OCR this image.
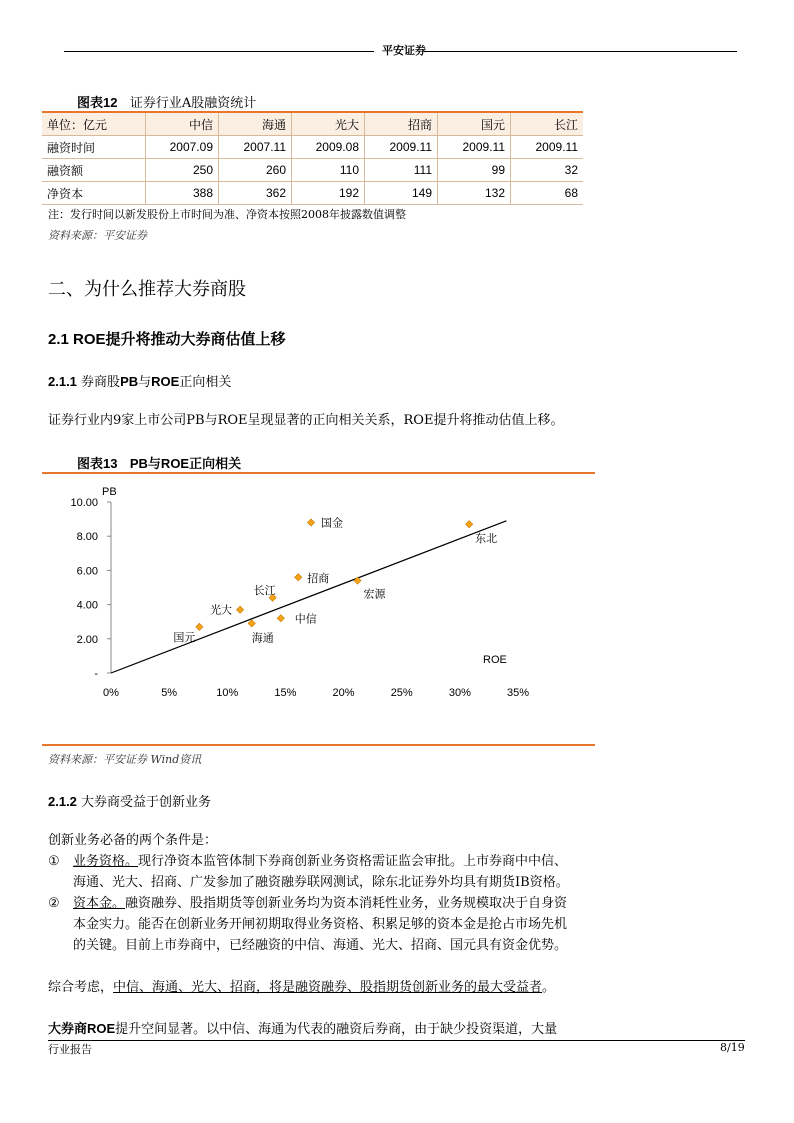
平安证券
图表12 证券行业A股融资统计
单位：亿元	中信	海通	光大	招商	国元	长江
融资时间	2007.09	2007.11	2009.08	2009.11	2009.11	2009.11
融资额	250	260	110	111	99	32
净资本	388	362	192	149	132	68
注：发行时间以新发股份上市时间为准、净资本按照2008年披露数值调整
资料来源：平安证券
二、为什么推荐大券商股
2.1 ROE提升将推动大券商估值上移
2.1.1 券商股PB与ROE正向相关
证券行业内9家上市公司PB与ROE呈现显著的正向相关关系，ROE提升将推动估值上移。
图表13 PB与ROE正向相关
-
2.00
4.00
6.00
8.00
10.00
0%	5%	10%	15%	20%	25%	30%	35%
PB
ROE
国金
东北
招商
宏源
长江
光大
中信
海通
国元
资料来源：平安证券 Wind资讯
2.1.2 大券商受益于创新业务
创新业务必备的两个条件是：
① 业务资格。现行净资本监管体制下券商创新业务资格需证监会审批。上市券商中中信、
海通、光大、招商、广发参加了融资融券联网测试，除东北证券外均具有期货IB资格。
② 资本金。融资融券、股指期货等创新业务均为资本消耗性业务，业务规模取决于自身资
本金实力。能否在创新业务开闸初期取得业务资格、积累足够的资本金是抢占市场先机
的关键。目前上市券商中，已经融资的中信、海通、光大、招商、国元具有资金优势。
综合考虑，中信、海通、光大、招商，将是融资融券、股指期货创新业务的最大受益者。
大券商ROE提升空间显著。以中信、海通为代表的融资后券商，由于缺少投资渠道，大量
行业报告	8/19
